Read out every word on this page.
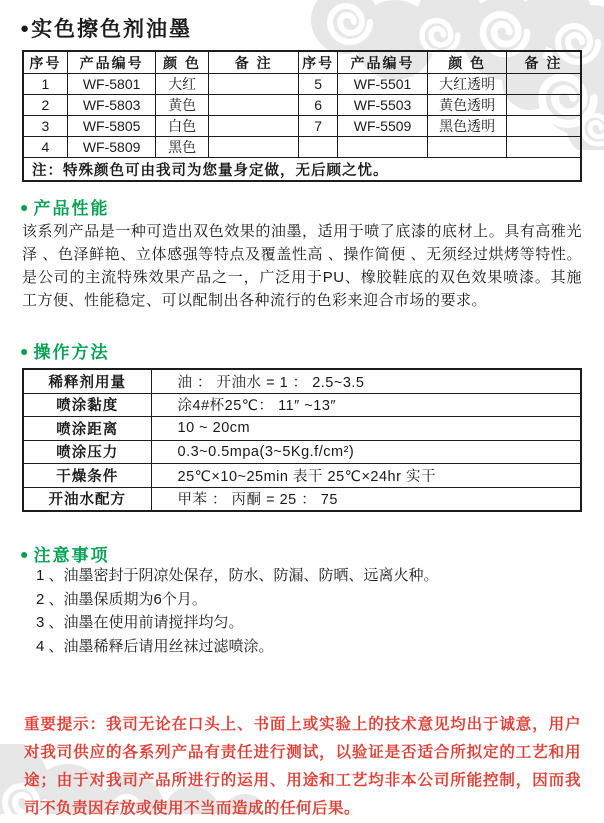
● 实色擦色剂油墨
序号	产品编号	颜 色	备 注	序号	产品编号	颜 色	备 注
1	WF-5801	大红		5	WF-5501	大红透明	
2	WF-5803	黄色		6	WF-5503	黄色透明	
3	WF-5805	白色		7	WF-5509	黑色透明	
4	WF-5809	黑色					
注：特殊颜色可由我司为您量身定做，无后顾之忧。							
● 产品性能
该系列产品是一种可造出双色效果的油墨，适用于喷了底漆的底材上。具有高雅光泽 、色泽鲜艳、立体感强等特点及覆盖性高 、操作简便 、无须经过烘烤等特性。是公司的主流特殊效果产品之一，广泛用于PU、橡胶鞋底的双色效果喷漆。其施工方便、性能稳定、可以配制出各种流行的色彩来迎合市场的要求。
● 操作方法
稀释剂用量	油 ： 开油水 = 1 ： 2.5~3.5
喷涂黏度	涂4#杯25℃： 11″ ~13″
喷涂距离	10 ~ 20cm
喷涂压力	0.3~0.5mpa(3~5Kg.f/cm²)
干燥条件	25℃×10~25min 表干 25℃×24hr 实干
开油水配方	甲苯 ： 丙酮 = 25 ： 75
● 注意事项
1 、油墨密封于阴凉处保存，防水、防漏、防晒、远离火种。
2 、油墨保质期为6个月。
3 、油墨在使用前请搅拌均匀。
4 、油墨稀释后请用丝袜过滤喷涂。
重要提示：我司无论在口头上、书面上或实验上的技术意见均出于诚意，用户对我司供应的各系列产品有责任进行测试，以验证是否适合所拟定的工艺和用途；由于对我司产品所进行的运用、用途和工艺均非本公司所能控制，因而我司不负责因存放或使用不当而造成的任何后果。
